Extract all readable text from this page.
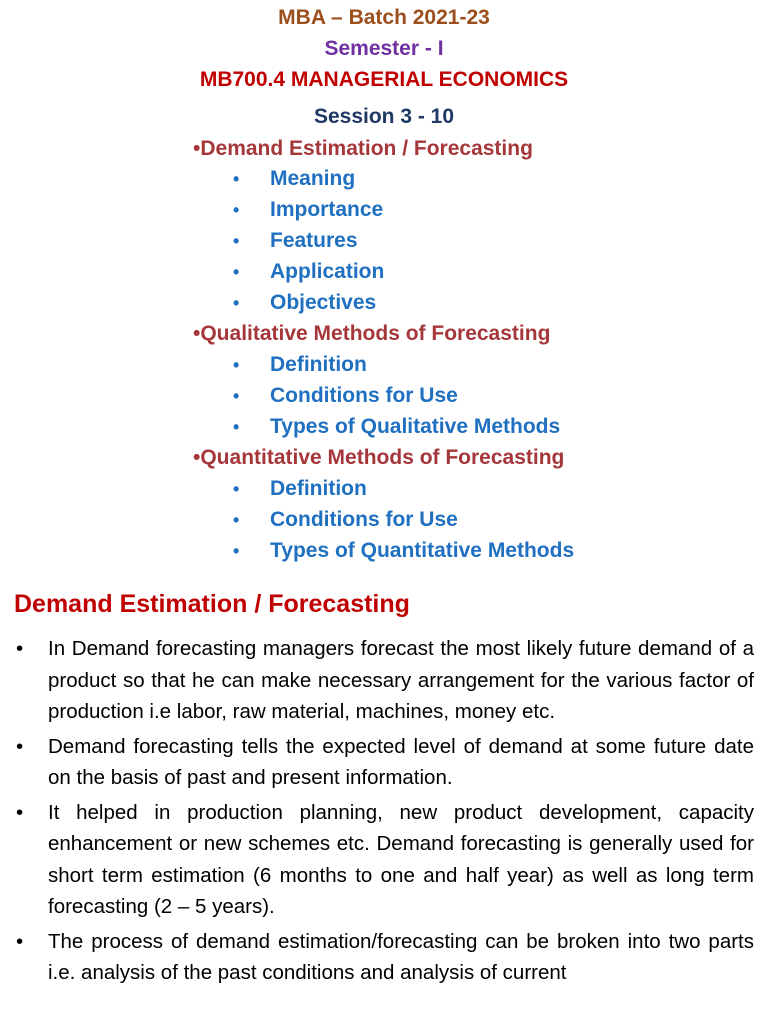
MBA – Batch 2021-23
Semester - I
MB700.4 MANAGERIAL ECONOMICS
Session 3 - 10
•Demand Estimation / Forecasting
• Meaning
• Importance
• Features
• Application
• Objectives
•Qualitative Methods of Forecasting
• Definition
• Conditions for Use
• Types of Qualitative Methods
•Quantitative Methods of Forecasting
• Definition
• Conditions for Use
• Types of Quantitative Methods
Demand Estimation / Forecasting
• In Demand forecasting managers forecast the most likely future demand of a product so that he can make necessary arrangement for the various factor of production i.e labor, raw material, machines, money etc.
• Demand forecasting tells the expected level of demand at some future date on the basis of past and present information.
• It helped in production planning, new product development, capacity enhancement or new schemes etc. Demand forecasting is generally used for short term estimation (6 months to one and half year) as well as long term forecasting (2 – 5 years).
• The process of demand estimation/forecasting can be broken into two parts i.e. analysis of the past conditions and analysis of current
